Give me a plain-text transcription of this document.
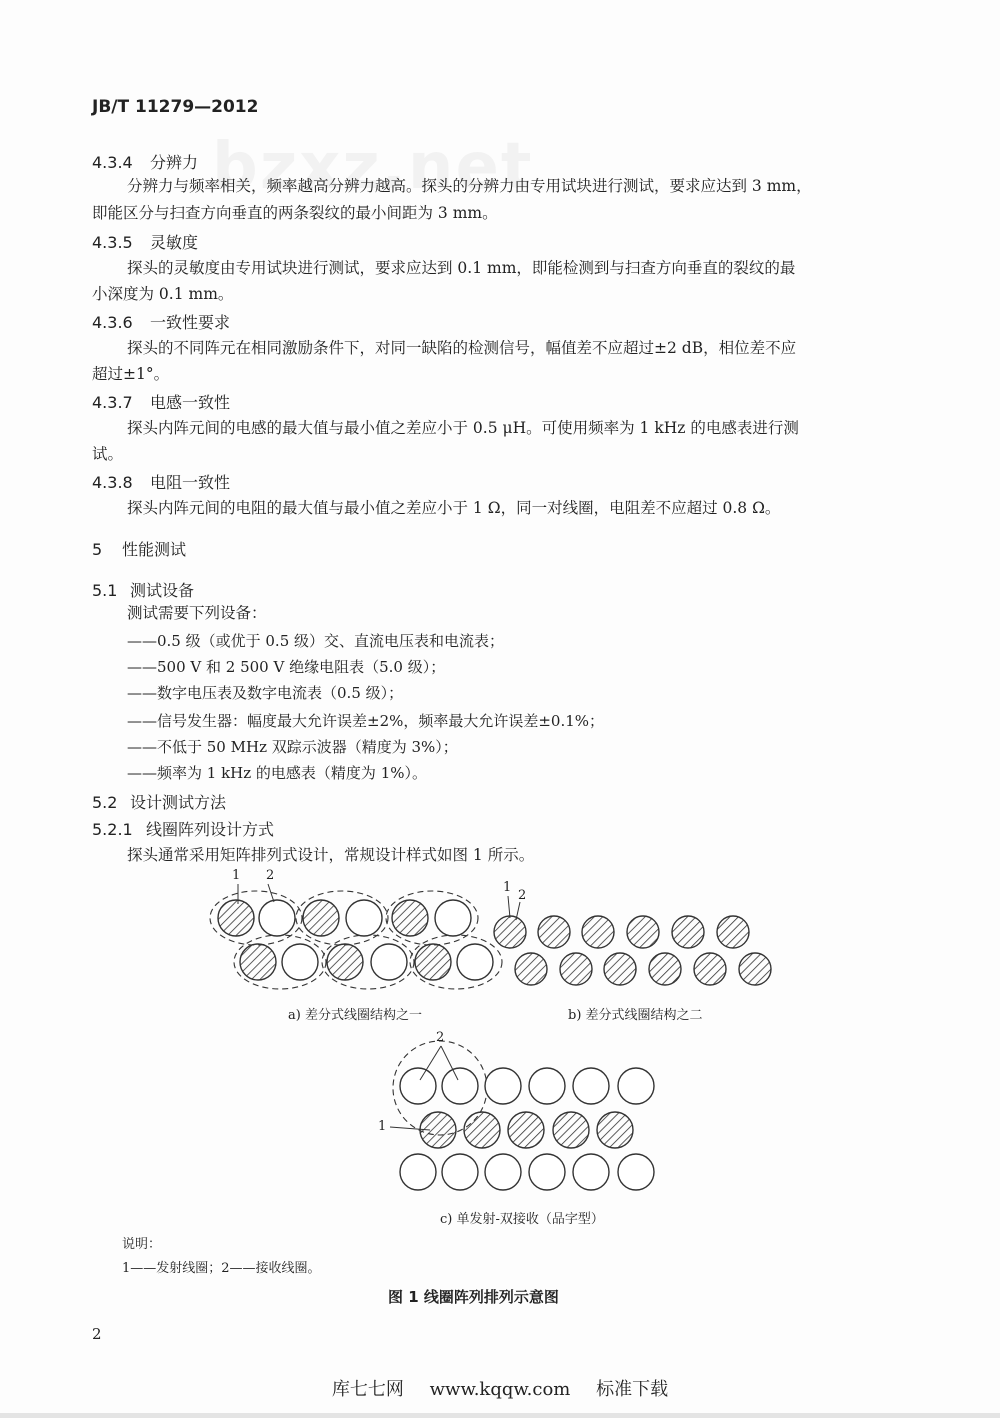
JB/T 11279—2012
4.3.4 分辨力
分辨力与频率相关，频率越高分辨力越高。探头的分辨力由专用试块进行测试，要求应达到 3 mm，
即能区分与扫查方向垂直的两条裂纹的最小间距为 3 mm。
4.3.5 灵敏度
探头的灵敏度由专用试块进行测试，要求应达到 0.1 mm，即能检测到与扫查方向垂直的裂纹的最
小深度为 0.1 mm。
4.3.6 一致性要求
探头的不同阵元在相同激励条件下，对同一缺陷的检测信号，幅值差不应超过±2 dB，相位差不应
超过±1°。
4.3.7 电感一致性
探头内阵元间的电感的最大值与最小值之差应小于 0.5 μH。可使用频率为 1 kHz 的电感表进行测
试。
4.3.8 电阻一致性
探头内阵元间的电阻的最大值与最小值之差应小于 1 Ω，同一对线圈，电阻差不应超过 0.8 Ω。
5 性能测试
5.1 测试设备
测试需要下列设备：
——0.5 级（或优于 0.5 级）交、直流电压表和电流表；
——500 V 和 2 500 V 绝缘电阻表（5.0 级）；
——数字电压表及数字电流表（0.5 级）；
——信号发生器：幅度最大允许误差±2%，频率最大允许误差±0.1%；
——不低于 50 MHz 双踪示波器（精度为 3%）；
——频率为 1 kHz 的电感表（精度为 1%）。
5.2 设计测试方法
5.2.1 线圈阵列设计方式
探头通常采用矩阵排列式设计，常规设计样式如图 1 所示。
1 2
1
2
2
1
a) 差分式线圈结构之一	b) 差分式线圈结构之二
c) 单发射-双接收（品字型）
说明：
1——发射线圈；2——接收线圈。
图 1 线圈阵列排列示意图
2
库七七网 www.kqqw.com 标准下载
